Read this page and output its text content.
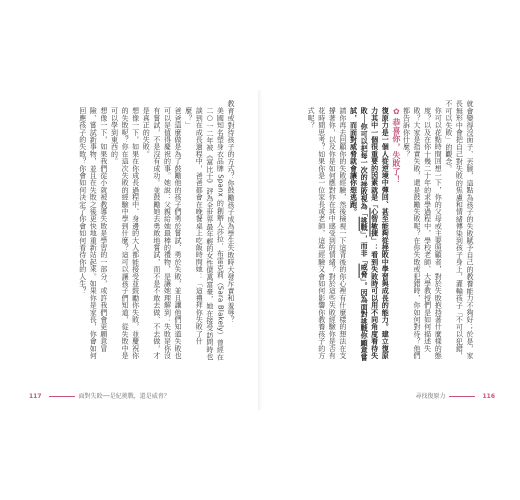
就會變得沒面子、丟臉，這點為孩子的失敗賦予自己的教養能力不夠好；於是，家長無形中會把自己對失敗的焦慮和情緒傳染到孩子身上，灌輸孩子「不可以犯錯，不可以失敗」的觀念。

你可以花點時間回想一下，你的父母或主要照顧者，對於失敗抱持著什麼樣的態度？以及在你十幾二十年的求學過程中，學校老師、大學教授們是如何描述失敗？大家是指責失敗，還是鼓勵失敗呢？在你失敗或犯錯時，你如何對待？他們都告訴你什麼？

✿恭喜你，失敗了！

復原力是一個人從逆境中彈回、甚至能夠從挫敗中學習與成長的能力。建立復原力其中一個很重要的因素就是「心智敏捷」：看到失敗時可以用不同角度看待失敗──你可以把每一次的挫敗視為「挑戰」，而非「威脅」。因為面對挑戰你願意嘗試，而面對威脅就會讓你想逃跑。

請你再去回顧你的失敗經驗，然後檢視一下這背後的你心裡有什麼樣的想法在支撐著你，以及你是如何應對你在其中感受到的情緒？對於這些失敗經驗你是否有花時間思考？如果你是一位家長或老師，這些經驗又會如何影響你教養孩子的方式呢？

教育或對待孩子的方式？你鼓勵孩子成為學生失敗時大發斥責和羞辱？

美國知名塑身衣品牌 Spanx 的創辦人莎拉．布雷克莉（Sara Blakely）曾經在二○一二年被《富比士》評為全世界最年輕的女性億萬富豪，她在接受訪問時也談到在成長過程中，爸爸都會在晚餐桌上吃飯時問她：「這禮拜你失敗了什麼？」

爸爸這麼做是為了鼓勵他的孩子們勇於嘗試、勇於失敗，並且讓他們知道失敗也可以是值得慶祝的事。她說：父親給她最棒的禮物，是讓她理解到：失敗是你沒有嘗試，不是沒有成功。並鼓勵她去勇敢地嘗試，而不是不敢去做、不去做，才是真正的失敗。

想像一下，如果在你成長過程中、身邊的大人都能接受並鼓勵你失敗，並慶祝你的失敗呢？你在這次失敗的經驗中學到什麼？這可以讓孩子們知道，從失敗中是可以學到東西的。

想像一下，如果我們從小就被教導失敗是學習的一部分，或許我們會更願意冒險、嘗試新事物，並且在失敗之後更快地重新站起來。如果你是家長，你會如何回應孩子的失敗？你會如何決定了你會如何看待你的人生？

117	面對失敗──是紀挑戰，還是威脅？	尋找復原力	116
